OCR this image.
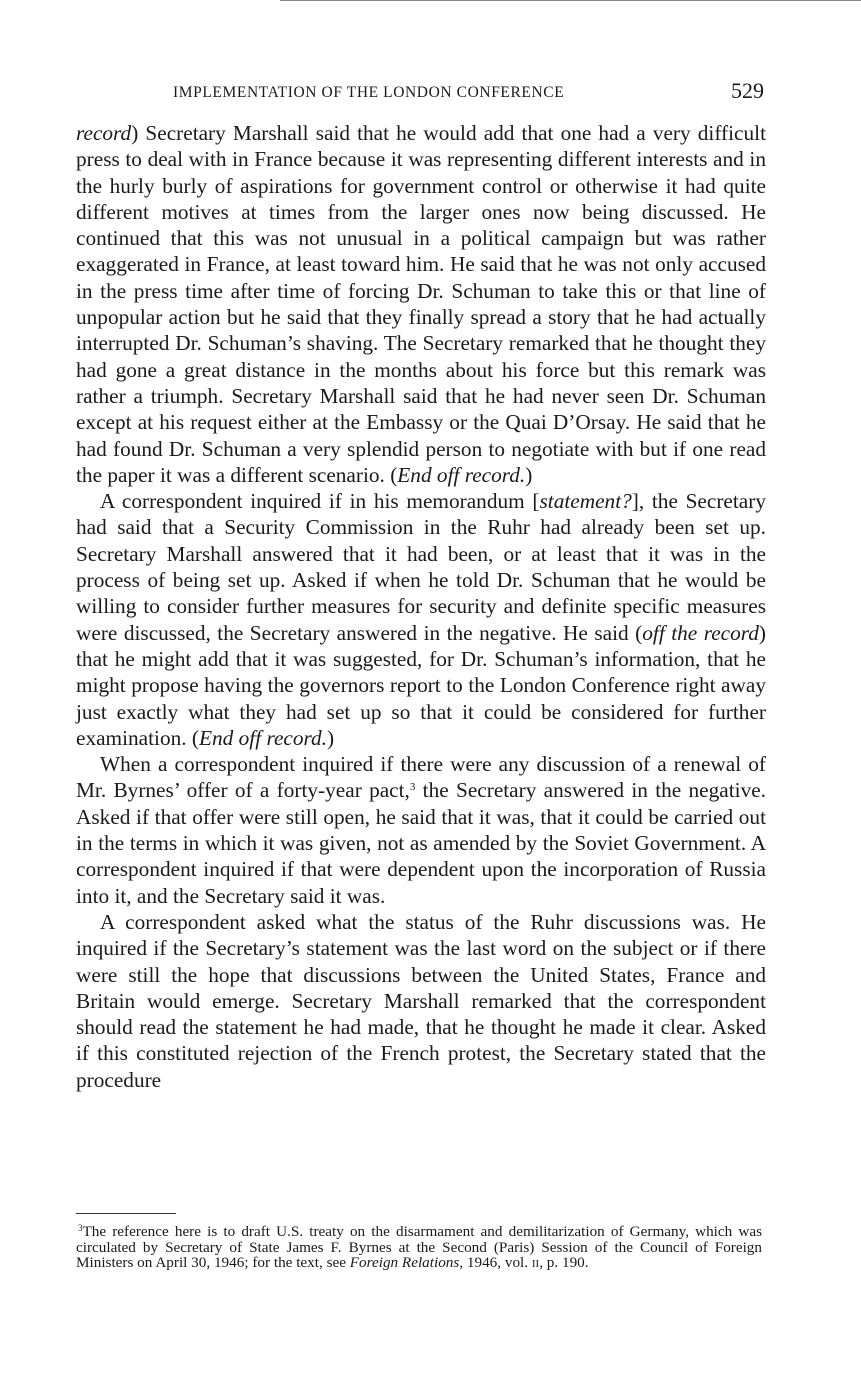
IMPLEMENTATION OF THE LONDON CONFERENCE	529

record) Secretary Marshall said that he would add that one had a very difficult press to deal with in France because it was representing different interests and in the hurly burly of aspirations for government control or otherwise it had quite different motives at times from the larger ones now being discussed. He continued that this was not unusual in a political campaign but was rather exaggerated in France, at least toward him. He said that he was not only accused in the press time after time of forcing Dr. Schuman to take this or that line of unpopular action but he said that they finally spread a story that he had actually interrupted Dr. Schuman’s shaving. The Secretary remarked that he thought they had gone a great distance in the months about his force but this remark was rather a triumph. Secretary Marshall said that he had never seen Dr. Schuman except at his request either at the Embassy or the Quai D’Orsay. He said that he had found Dr. Schuman a very splendid person to negotiate with but if one read the paper it was a different scenario. (End off record.)

A correspondent inquired if in his memorandum [statement?], the Secretary had said that a Security Commission in the Ruhr had already been set up. Secretary Marshall answered that it had been, or at least that it was in the process of being set up. Asked if when he told Dr. Schuman that he would be willing to consider further measures for security and definite specific measures were discussed, the Secretary answered in the negative. He said (off the record) that he might add that it was suggested, for Dr. Schuman’s information, that he might propose having the governors report to the London Conference right away just exactly what they had set up so that it could be considered for further examination. (End off record.)

When a correspondent inquired if there were any discussion of a renewal of Mr. Byrnes’ offer of a forty-year pact,$^3$ the Secretary answered in the negative. Asked if that offer were still open, he said that it was, that it could be carried out in the terms in which it was given, not as amended by the Soviet Government. A correspondent inquired if that were dependent upon the incorporation of Russia into it, and the Secretary said it was.

A correspondent asked what the status of the Ruhr discussions was. He inquired if the Secretary’s statement was the last word on the subject or if there were still the hope that discussions between the United States, France and Britain would emerge. Secretary Marshall remarked that the correspondent should read the statement he had made, that he thought he made it clear. Asked if this constituted rejection of the French protest, the Secretary stated that the procedure

$^3$The reference here is to draft U.S. treaty on the disarmament and demilitarization of Germany, which was circulated by Secretary of State James F. Byrnes at the Second (Paris) Session of the Council of Foreign Ministers on April 30, 1946; for the text, see Foreign Relations, 1946, vol. ii, p. 190.
